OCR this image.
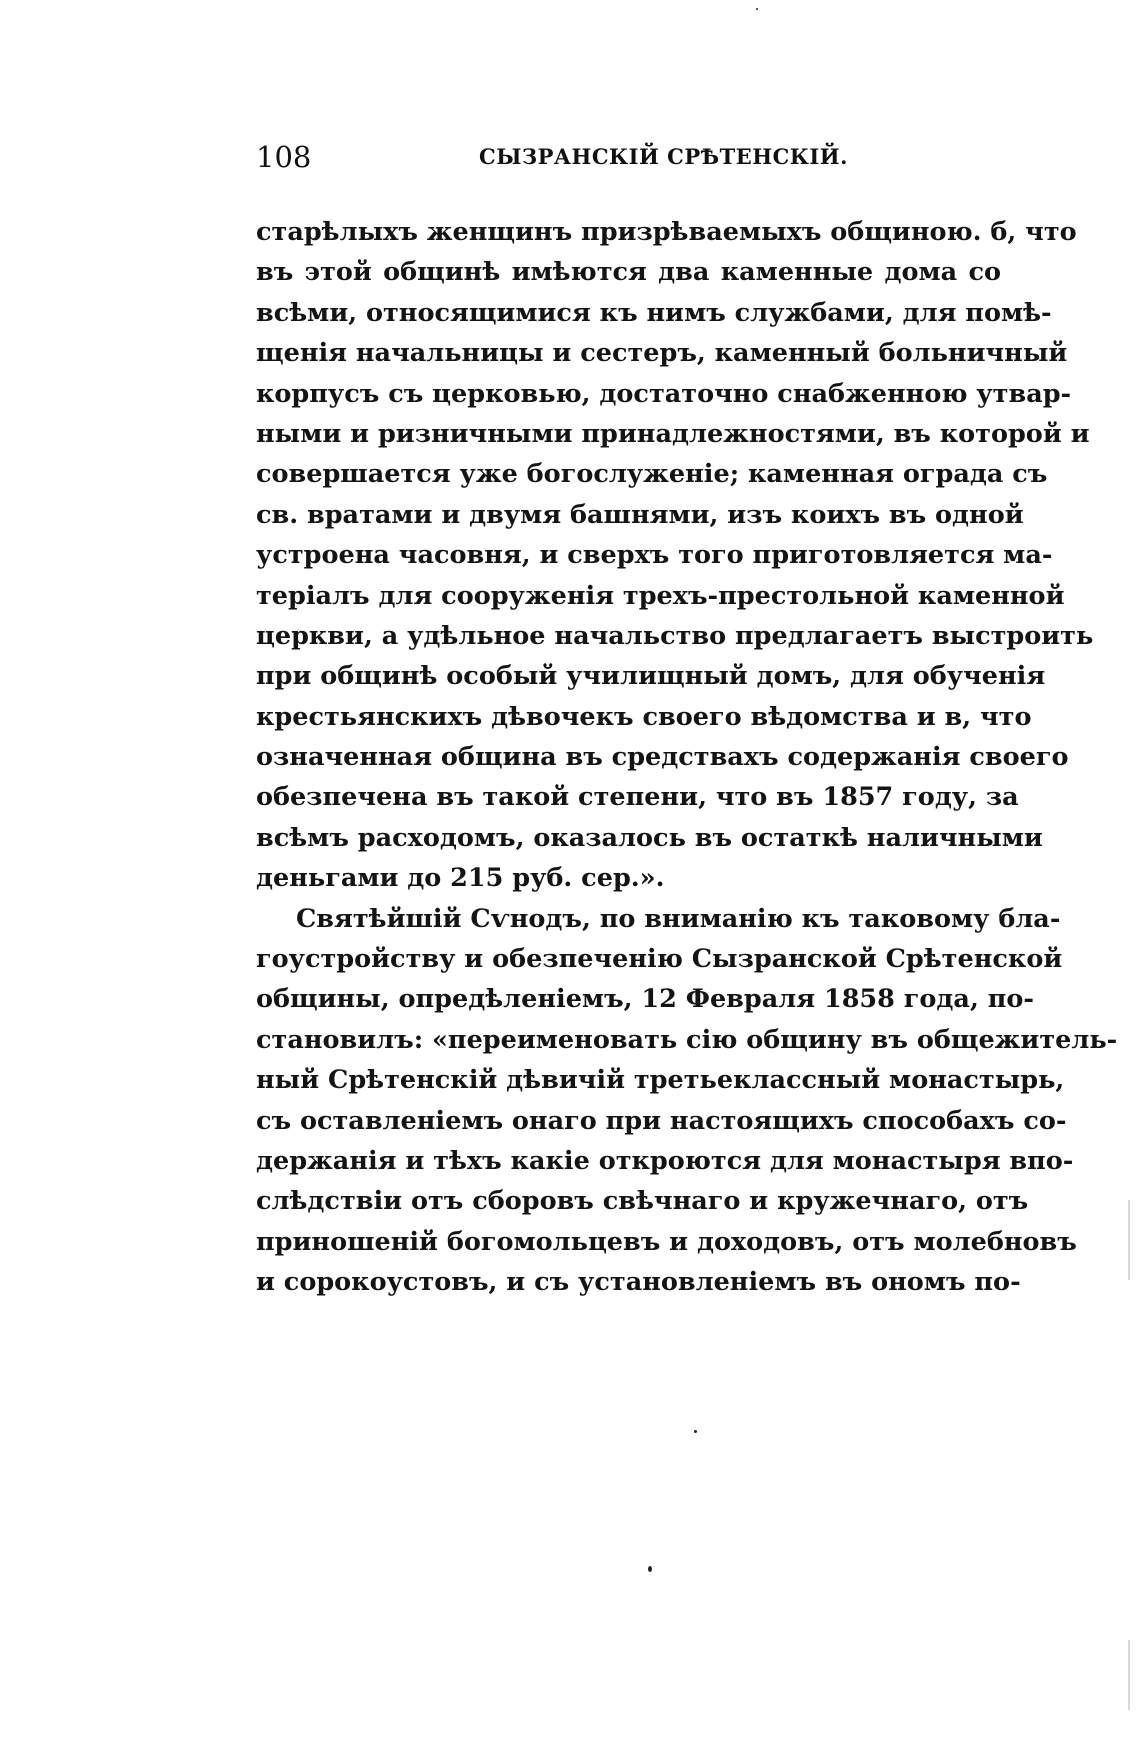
108	СЫЗРАНСКІЙ СРѢТЕНСКІЙ.
старѣлыхъ женщинъ призрѣваемыхъ общиною. б, что
въ этой общинѣ имѣются два каменные дома со
всѣми, относящимися къ нимъ службами, для помѣ-
щенія начальницы и сестеръ, каменный больничный
корпусъ съ церковью, достаточно снабженною утвар-
ными и ризничными принадлежностями, въ которой и
совершается уже богослуженіе; каменная ограда съ
св. вратами и двумя башнями, изъ коихъ въ одной
устроена часовня, и сверхъ того приготовляется ма-
теріалъ для сооруженія трехъ-престольной каменной
церкви, а удѣльное начальство предлагаетъ выстроить
при общинѣ особый училищный домъ, для обученія
крестьянскихъ дѣвочекъ своего вѣдомства и в, что
означенная община въ средствахъ содержанія своего
обезпечена въ такой степени, что въ 1857 году, за
всѣмъ расходомъ, оказалось въ остаткѣ наличными
деньгами до 215 руб. сер.».
Святѣйшій Сѵнодъ, по вниманію къ таковому бла-
гоустройству и обезпеченію Сызранской Срѣтенской
общины, опредѣленіемъ, 12 Февраля 1858 года, по-
становилъ: «переименовать сію общину въ общежитель-
ный Срѣтенскій дѣвичій третьеклассный монастырь,
съ оставленіемъ онаго при настоящихъ способахъ со-
держанія и тѣхъ какіе откроются для монастыря впо-
слѣдствіи отъ сборовъ свѣчнаго и кружечнаго, отъ
приношеній богомольцевъ и доходовъ, отъ молебновъ
и сорокоустовъ, и съ установленіемъ въ ономъ по-
